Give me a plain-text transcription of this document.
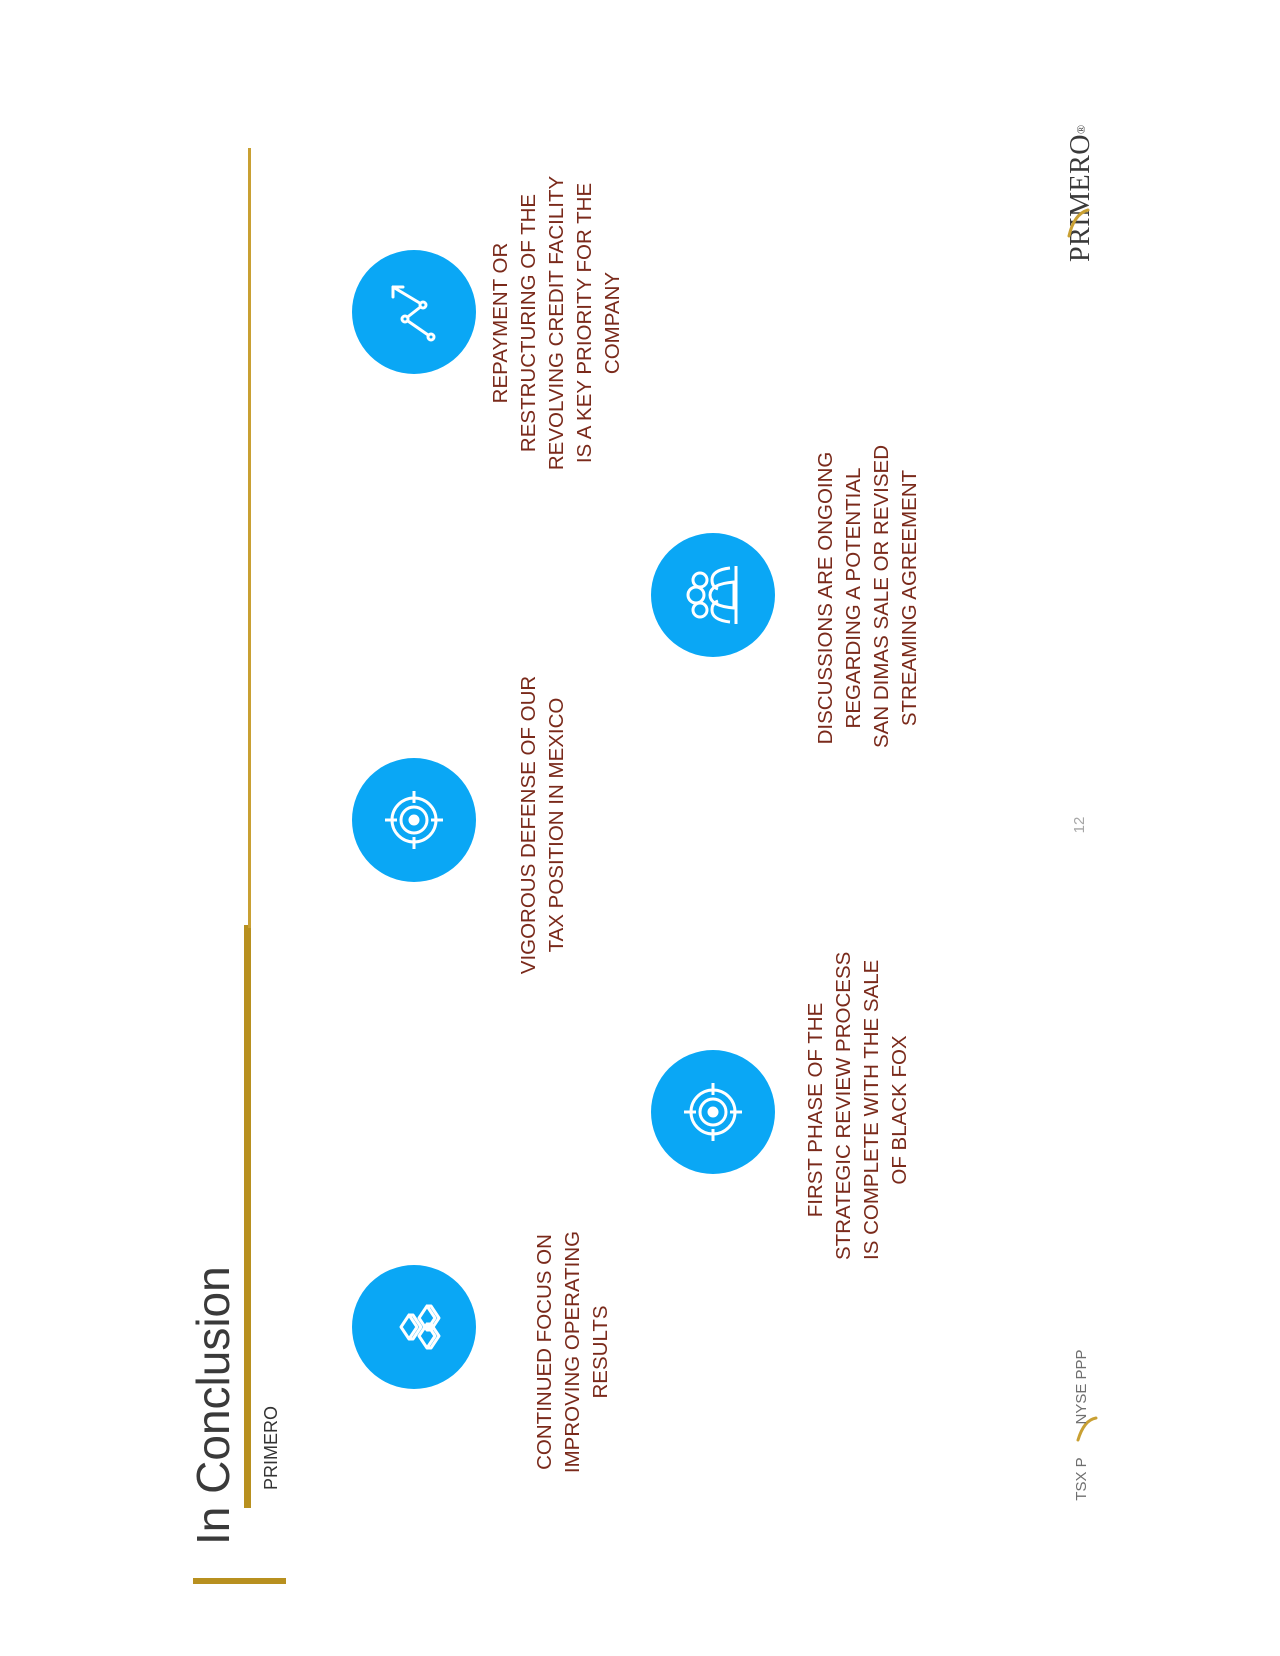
In Conclusion PRIMERO	CONTINUED FOCUS ON IMPROVING OPERATING RESULTS
FIRST PHASE OF THE STRATEGIC REVIEW PROCESS IS COMPLETE WITH THE SALE OF BLACK FOX
VIGOROUS DEFENSE OF OUR TAX POSITION IN MEXICO
DISCUSSIONS ARE ONGOING REGARDING A POTENTIAL SAN DIMAS SALE OR REVISED STREAMING AGREEMENT
REPAYMENT OR RESTRUCTURING OF THE REVOLVING CREDIT FACILITY IS A KEY PRIORITY FOR THE COMPANY
TSX P
NYSE PPP
12
PRIMERO®
